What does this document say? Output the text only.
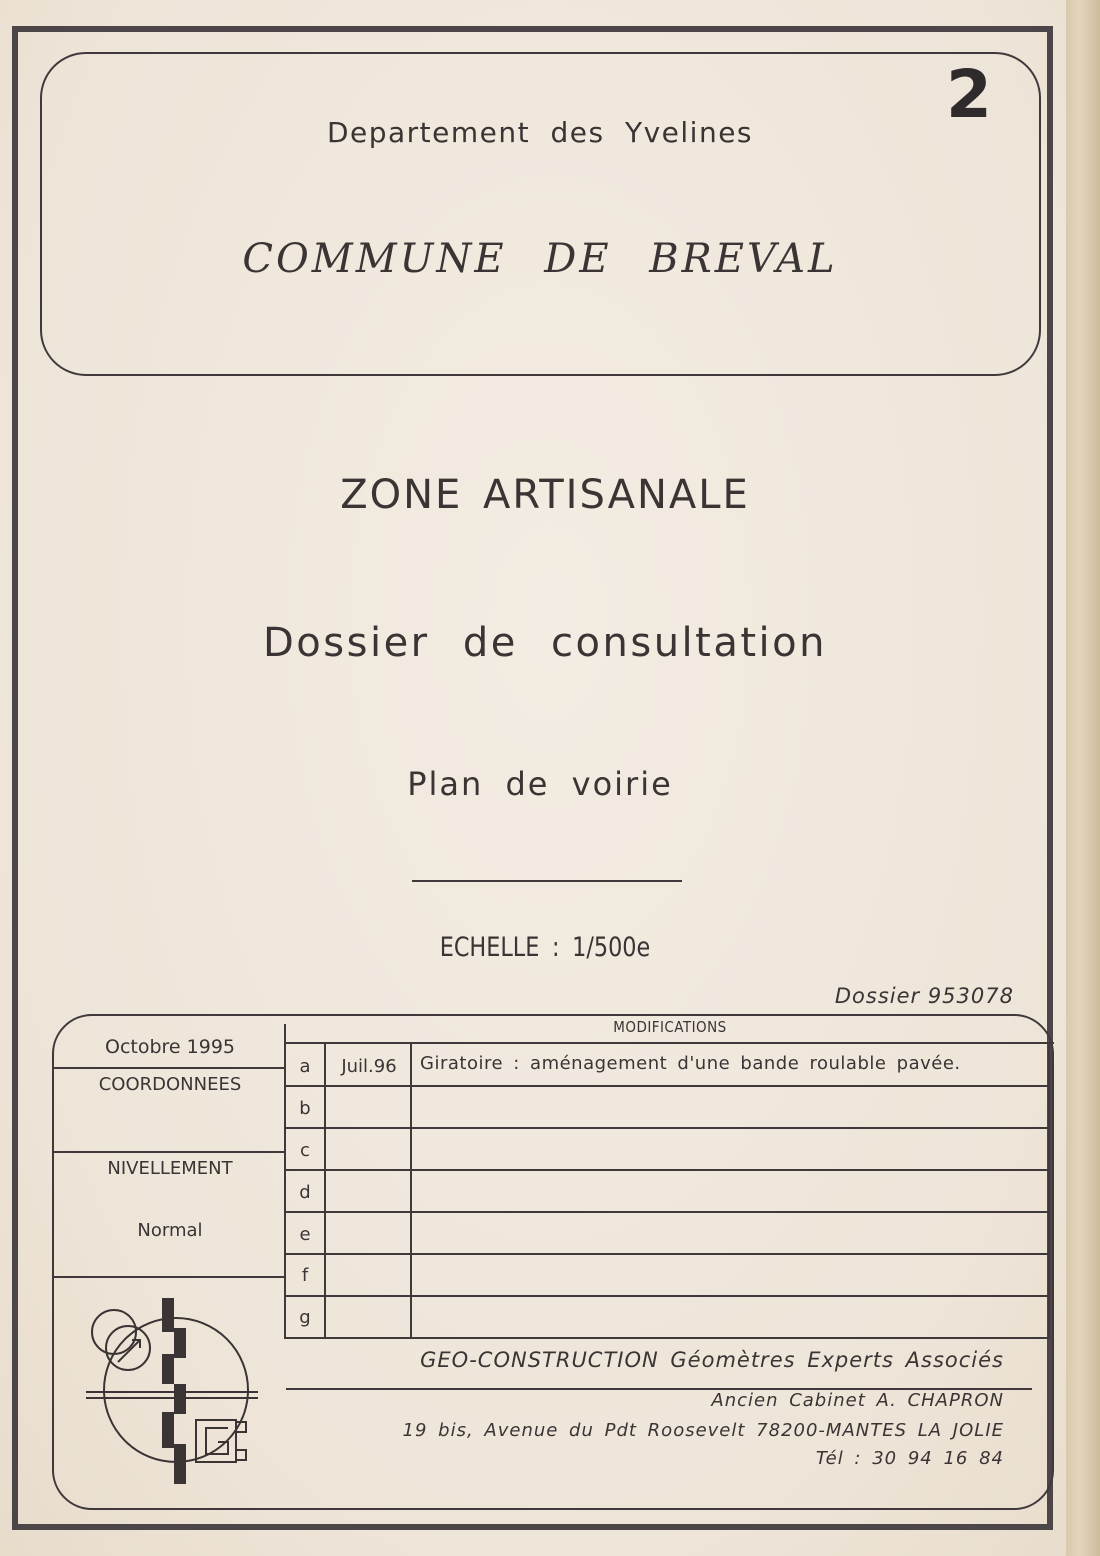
2
Departement des Yvelines
COMMUNE DE BREVAL
ZONE ARTISANALE
Dossier de consultation
Plan de voirie
ECHELLE : 1/500e
Dossier 953078
Octobre 1995
COORDONNEES
NIVELLEMENT
Normal
MODIFICATIONS
a
b
c
d
e
f
g
Juil.96	Giratoire : aménagement d'une bande roulable pavée.
GEO-CONSTRUCTION Géomètres Experts Associés
Ancien Cabinet A. CHAPRON
19 bis, Avenue du Pdt Roosevelt 78200-MANTES LA JOLIE
Tél : 30 94 16 84
